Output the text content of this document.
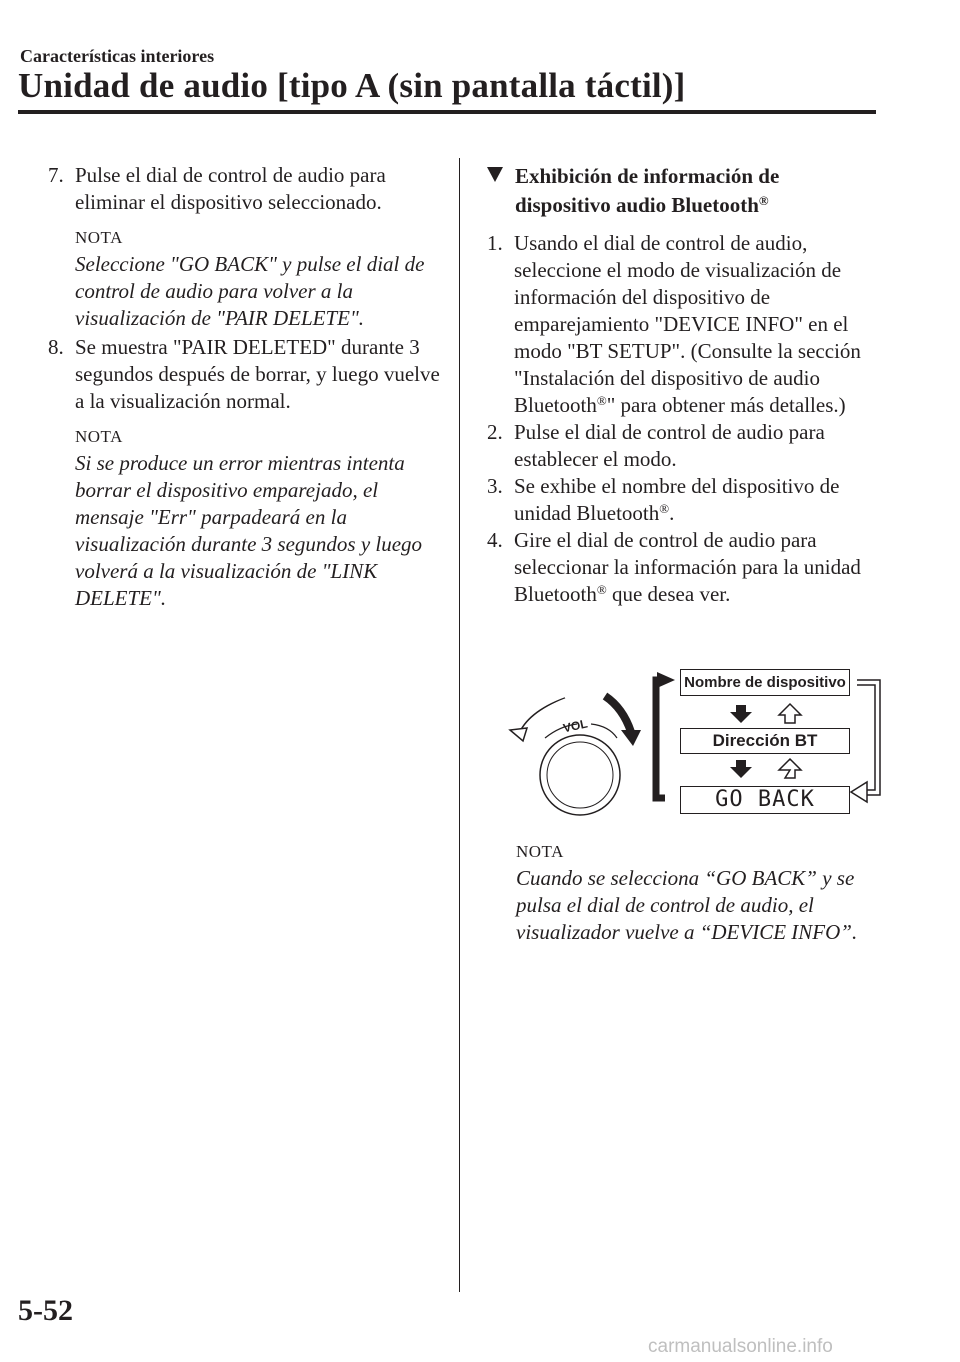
Características interiores
Unidad de audio [tipo A (sin pantalla táctil)]

7. Pulse el dial de control de audio para eliminar el dispositivo seleccionado.

NOTA
Seleccione "GO BACK" y pulse el dial de control de audio para volver a la visualización de "PAIR DELETE".

8. Se muestra "PAIR DELETED" durante 3 segundos después de borrar, y luego vuelve a la visualización normal.

NOTA
Si se produce un error mientras intenta borrar el dispositivo emparejado, el mensaje "Err" parpadeará en la visualización durante 3 segundos y luego volverá a la visualización de "LINK DELETE".
Exhibición de información de dispositivo audio Bluetooth®

1. Usando el dial de control de audio, seleccione el modo de visualización de información del dispositivo de emparejamiento "DEVICE INFO" en el modo "BT SETUP". (Consulte la sección "Instalación del dispositivo de audio Bluetooth®" para obtener más detalles.)

2. Pulse el dial de control de audio para establecer el modo.

3. Se exhibe el nombre del dispositivo de unidad Bluetooth®.

4. Gire el dial de control de audio para seleccionar la información para la unidad Bluetooth® que desea ver.

VOL
Nombre de dispositivo
Dirección BT
GO BACK
NOTA
Cuando se selecciona “GO BACK” y se pulsa el dial de control de audio, el visualizador vuelve a “DEVICE INFO”.
5-52
carmanualsonline.info
